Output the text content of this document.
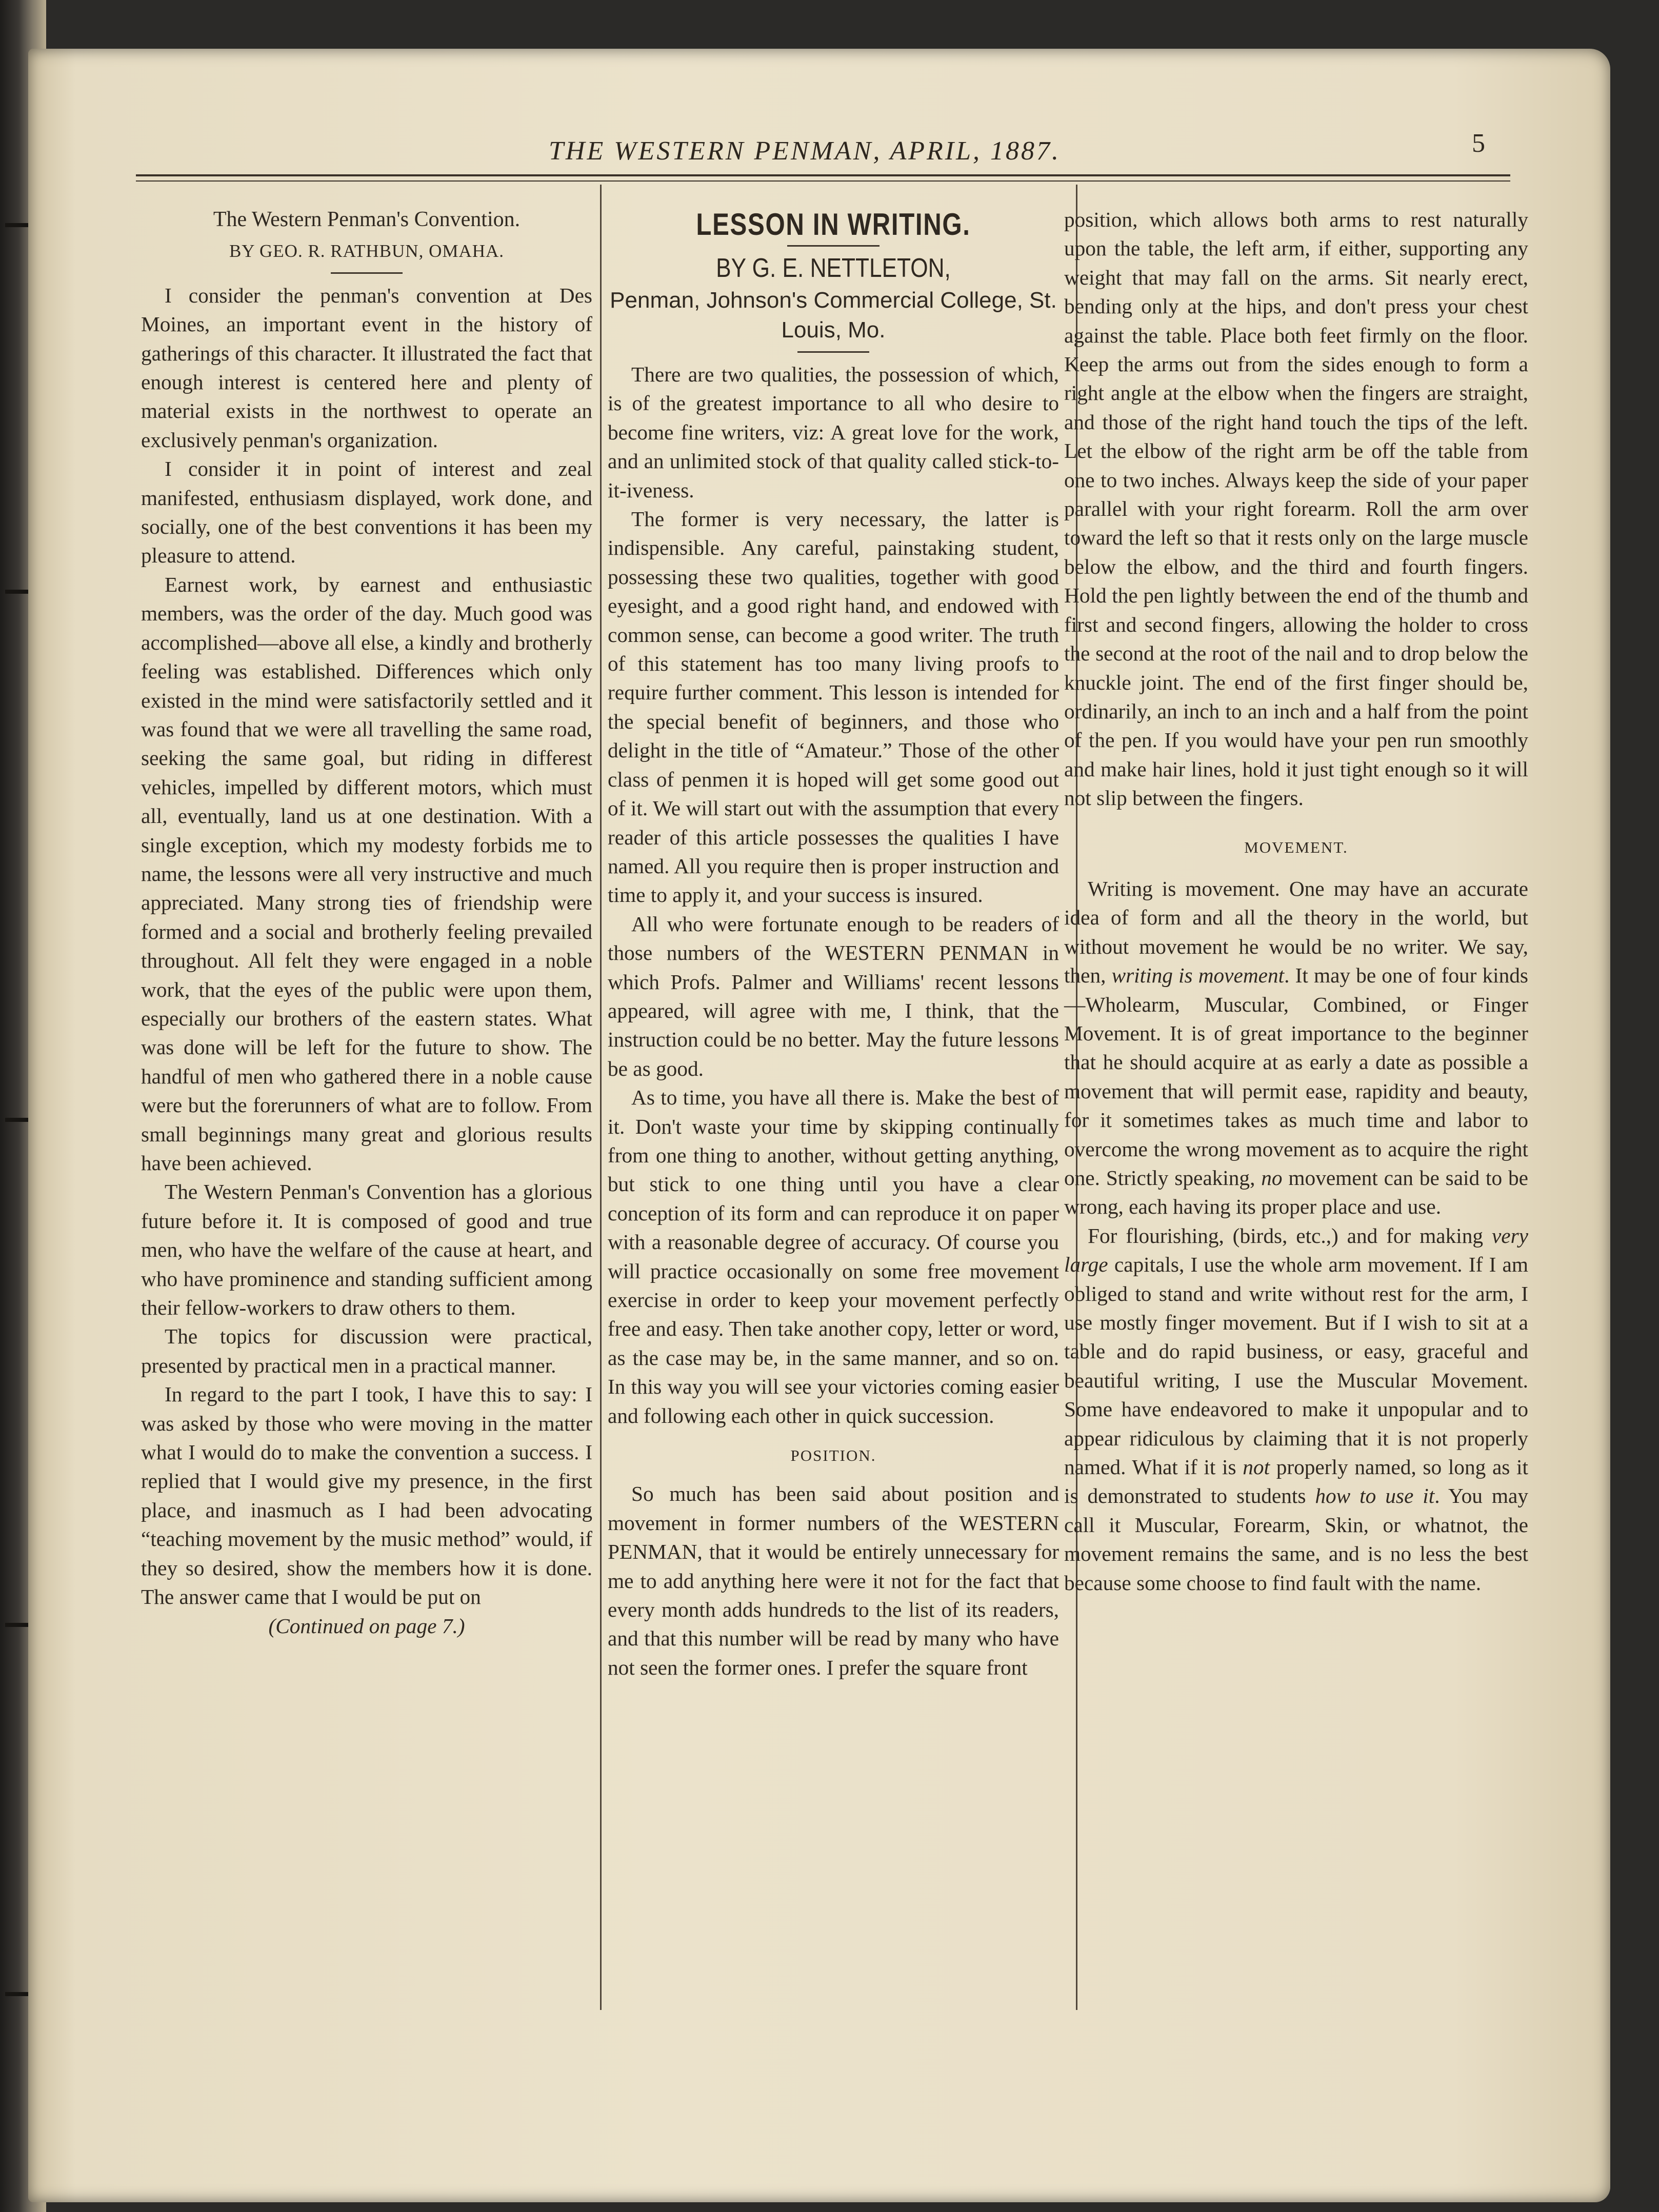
THE WESTERN PENMAN, APRIL, 1887.	5

The Western Penman's Convention.

BY GEO. R. RATHBUN, OMAHA.

I consider the penman's convention at Des Moines, an important event in the history of gatherings of this character. It illustrated the fact that enough interest is centered here and plenty of material exists in the northwest to operate an exclusively penman's organization.

I consider it in point of interest and zeal manifested, enthusiasm displayed, work done, and socially, one of the best conventions it has been my pleasure to attend.

Earnest work, by earnest and enthusiastic members, was the order of the day. Much good was accomplished—above all else, a kindly and brotherly feeling was established. Differences which only existed in the mind were satisfactorily settled and it was found that we were all travelling the same road, seeking the same goal, but riding in differest vehicles, impelled by different motors, which must all, eventually, land us at one destination. With a single exception, which my modesty forbids me to name, the lessons were all very instructive and much appreciated. Many strong ties of friendship were formed and a social and brotherly feeling prevailed throughout. All felt they were engaged in a noble work, that the eyes of the public were upon them, especially our brothers of the eastern states. What was done will be left for the future to show. The handful of men who gathered there in a noble cause were but the forerunners of what are to follow. From small beginnings many great and glorious results have been achieved.

The Western Penman's Convention has a glorious future before it. It is composed of good and true men, who have the welfare of the cause at heart, and who have prominence and standing sufficient among their fellow-workers to draw others to them.

The topics for discussion were practical, presented by practical men in a practical manner.

In regard to the part I took, I have this to say: I was asked by those who were moving in the matter what I would do to make the convention a success. I replied that I would give my presence, in the first place, and inasmuch as I had been advocating “teaching movement by the music method” would, if they so desired, show the members how it is done. The answer came that I would be put on

(Continued on page 7.)

LESSON IN WRITING.

BY G. E. NETTLETON,

Penman, Johnson's Commercial College, St. Louis, Mo.

There are two qualities, the possession of which, is of the greatest importance to all who desire to become fine writers, viz: A great love for the work, and an unlimited stock of that quality called stick-to-it-iveness.

The former is very necessary, the latter is indispensible. Any careful, painstaking student, possessing these two qualities, together with good eyesight, and a good right hand, and endowed with common sense, can become a good writer. The truth of this statement has too many living proofs to require further comment. This lesson is intended for the special benefit of beginners, and those who delight in the title of “Amateur.” Those of the other class of penmen it is hoped will get some good out of it. We will start out with the assumption that every reader of this article possesses the qualities I have named. All you require then is proper instruction and time to apply it, and your success is insured.

All who were fortunate enough to be readers of those numbers of the WESTERN PENMAN in which Profs. Palmer and Williams' recent lessons appeared, will agree with me, I think, that the instruction could be no better. May the future lessons be as good.

As to time, you have all there is. Make the best of it. Don't waste your time by skipping continually from one thing to another, without getting anything, but stick to one thing until you have a clear conception of its form and can reproduce it on paper with a reasonable degree of accuracy. Of course you will practice occasionally on some free movement exercise in order to keep your movement perfectly free and easy. Then take another copy, letter or word, as the case may be, in the same manner, and so on. In this way you will see your victories coming easier and following each other in quick succession.

POSITION.

So much has been said about position and movement in former numbers of the WESTERN PENMAN, that it would be entirely unnecessary for me to add anything here were it not for the fact that every month adds hundreds to the list of its readers, and that this number will be read by many who have not seen the former ones. I prefer the square front

position, which allows both arms to rest naturally upon the table, the left arm, if either, supporting any weight that may fall on the arms. Sit nearly erect, bending only at the hips, and don't press your chest against the table. Place both feet firmly on the floor. Keep the arms out from the sides enough to form a right angle at the elbow when the fingers are straight, and those of the right hand touch the tips of the left. Let the elbow of the right arm be off the table from one to two inches. Always keep the side of your paper parallel with your right forearm. Roll the arm over toward the left so that it rests only on the large muscle below the elbow, and the third and fourth fingers. Hold the pen lightly between the end of the thumb and first and second fingers, allowing the holder to cross the second at the root of the nail and to drop below the knuckle joint. The end of the first finger should be, ordinarily, an inch to an inch and a half from the point of the pen. If you would have your pen run smoothly and make hair lines, hold it just tight enough so it will not slip between the fingers.

MOVEMENT.

Writing is movement. One may have an accurate idea of form and all the theory in the world, but without movement he would be no writer. We say, then, writing is movement. It may be one of four kinds—Wholearm, Muscular, Combined, or Finger Movement. It is of great importance to the beginner that he should acquire at as early a date as possible a movement that will permit ease, rapidity and beauty, for it sometimes takes as much time and labor to overcome the wrong movement as to acquire the right one. Strictly speaking, no movement can be said to be wrong, each having its proper place and use.

For flourishing, (birds, etc.,) and for making very large capitals, I use the whole arm movement. If I am obliged to stand and write without rest for the arm, I use mostly finger movement. But if I wish to sit at a table and do rapid business, or easy, graceful and beautiful writing, I use the Muscular Movement. Some have endeavored to make it unpopular and to appear ridiculous by claiming that it is not properly named. What if it is not properly named, so long as it is demonstrated to students how to use it. You may call it Muscular, Forearm, Skin, or whatnot, the movement remains the same, and is no less the best because some choose to find fault with the name.
